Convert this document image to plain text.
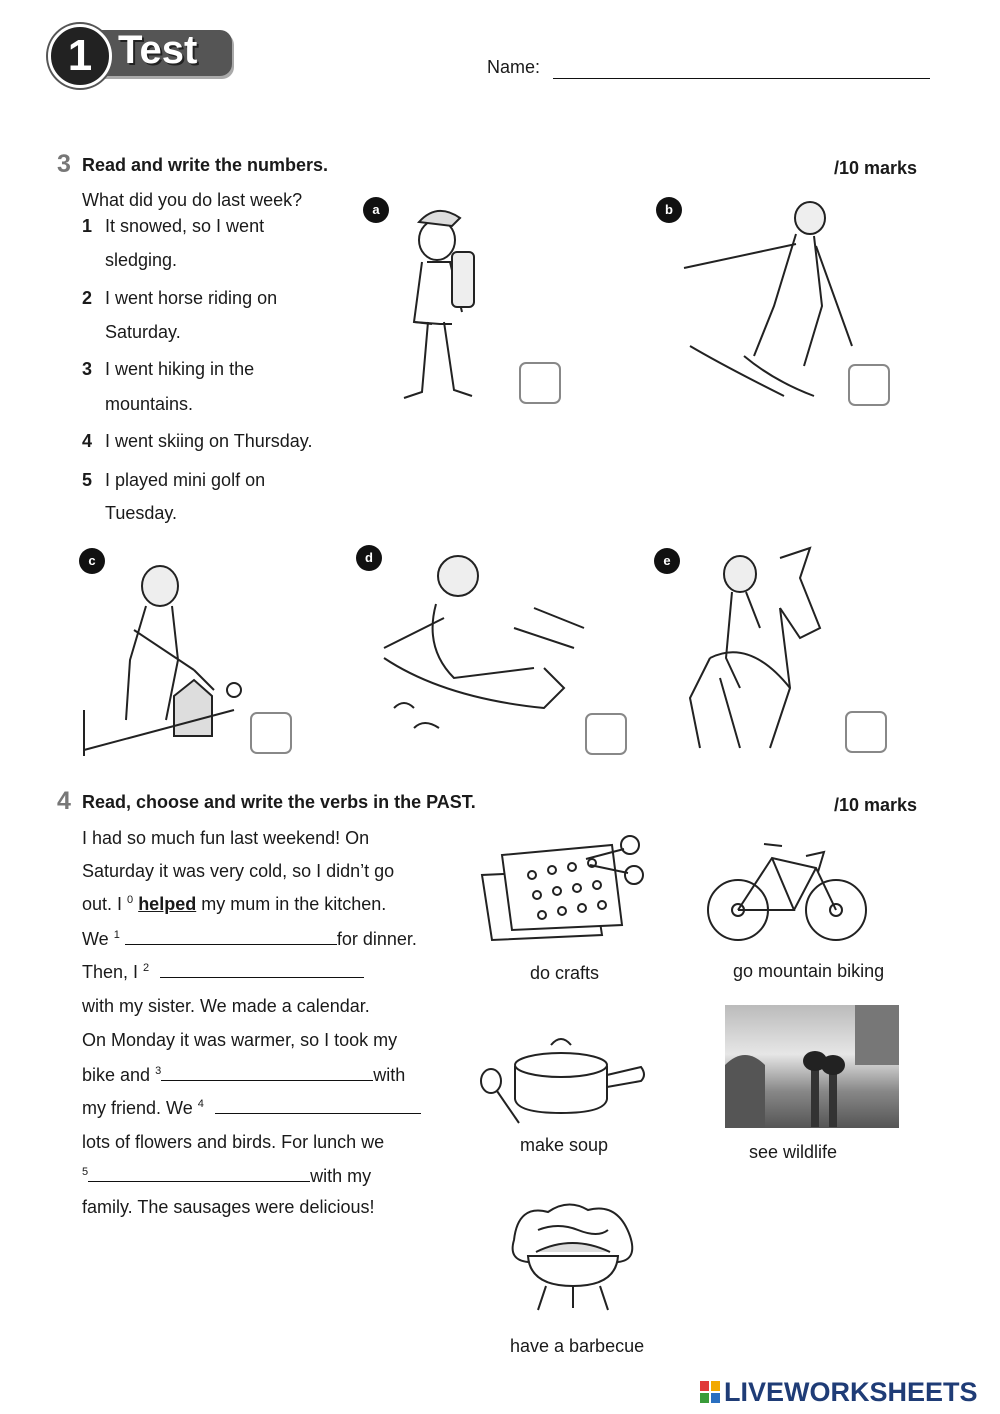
1 Test	Name:
3 Read and write the numbers.	/10 marks
What did you do last week?
1 It snowed, so I went
sledging.
2 I went horse riding on
Saturday.
3 I went hiking in the
mountains.
4 I went skiing on Thursday.
5 I played mini golf on
Tuesday.
a	b
c	d	e
4 Read, choose and write the verbs in the PAST.	/10 marks
I had so much fun last weekend! On
Saturday it was very cold, so I didn’t go
out. I $^0$ helped my mum in the kitchen.
We $^1$	for dinner.
Then, I $^2$
with my sister. We made a calendar.
On Monday it was warmer, so I took my
bike and $^3$	with
my friend. We $^4$
lots of flowers and birds. For lunch we
$^5$	with my
family. The sausages were delicious!
do crafts	go mountain biking
make soup	see wildlife
have a barbecue
LIVEWORKSHEETS
